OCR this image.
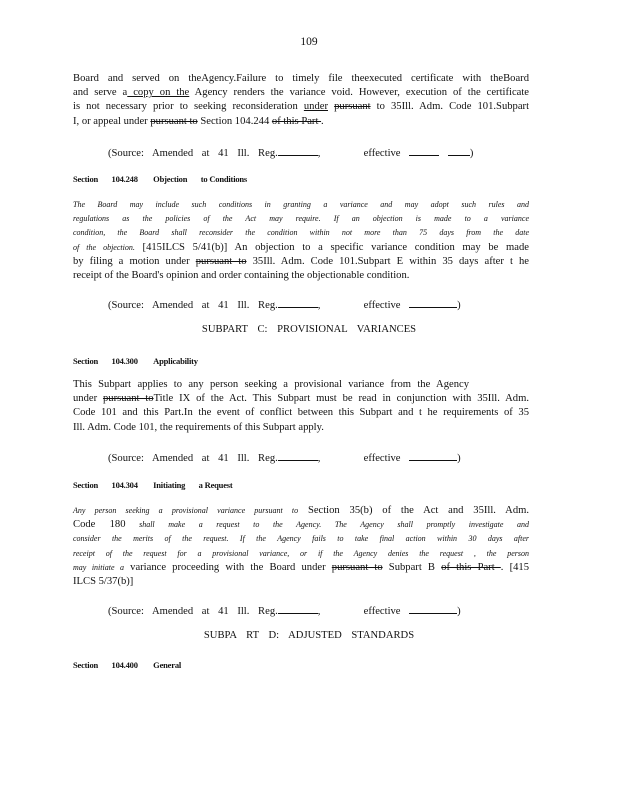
109
Board and served on theAgency.Failure to timely file theexecuted certificate with theBoard
and serve a copy on the Agency renders the variance void. However, execution of the certificate
is not necessary prior to seeking reconsideration under pursuant to 35Ill. Adm. Code 101.Subpart
I, or appeal under pursuant to Section 104.244 of this Part .
(Source: Amended at 41 Ill. Reg.	,     effective	)
Section 104.248 Objection to Conditions
The Board may include such conditions in granting a variance and may adopt such rules and
regulations as the policies of the Act may require. If an objection is made to a variance
condition, the Board shall reconsider the condition within not more than 75 days from the date
of the objection. [415ILCS 5/41(b)] An objection to a specific variance condition may be made
by filing a motion under pursuant to 35Ill. Adm. Code 101.Subpart E within 35 days after t he
receipt of the Board's opinion and order containing the objectionable condition.
(Source: Amended at 41 Ill. Reg.	,     effective	)
SUBPART C: PROVISIONAL VARIANCES
Section 104.300 Applicability
This Subpart applies to any person seeking a provisional variance from the Agency
under pursuant toTitle IX of the Act. This Subpart must be read in conjunction with 35Ill. Adm.
Code 101 and this Part.In the event of conflict between this Subpart and t he requirements of 35
Ill. Adm. Code 101, the requirements of this Subpart apply.
(Source: Amended at 41 Ill. Reg.	,     effective	)
Section 104.304 Initiating a Request
Any person seeking a provisional variance pursuant to Section 35(b) of the Act and 35Ill. Adm.
Code 180 shall make a request to the Agency. The Agency shall promptly investigate and
consider the merits of the request. If the Agency fails to take final action within 30 days after
receipt of the request for a provisional variance, or if the Agency denies the request , the person
may initiate a variance proceeding with the Board under pursuant to Subpart B of this Part . [415
ILCS 5/37(b)]
(Source: Amended at 41 Ill. Reg.	,     effective	)
SUBPA RT D: ADJUSTED STANDARDS
Section 104.400 General
